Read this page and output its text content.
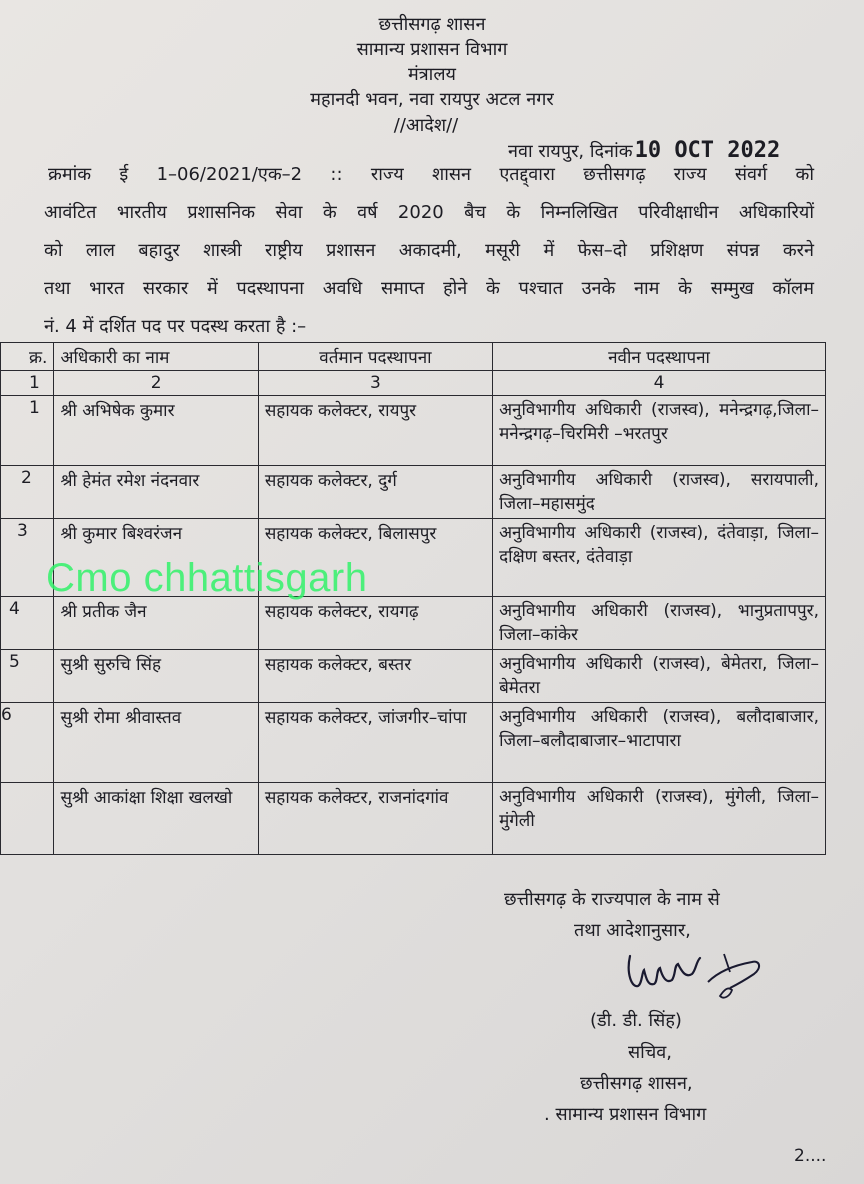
छत्तीसगढ़ शासन
सामान्य प्रशासन विभाग
मंत्रालय
महानदी भवन, नवा रायपुर अटल नगर
//आदेश//
नवा रायपुर, दिनांक10 OCT 2022
क्रमांक ई 1–06/2021/एक–2 :: राज्य शासन एतद्द्वारा छत्तीसगढ़ राज्य संवर्ग को
आवंटित भारतीय प्रशासनिक सेवा के वर्ष 2020 बैच के निम्नलिखित परिवीक्षाधीन अधिकारियों
को लाल बहादुर शास्त्री राष्ट्रीय प्रशासन अकादमी, मसूरी में फेस–दो प्रशिक्षण संपन्न करने
तथा भारत सरकार में पदस्थापना अवधि समाप्त होने के पश्चात उनके नाम के सम्मुख कॉलम
नं. 4 में दर्शित पद पर पदस्थ करता है :–
क्र.	अधिकारी का नाम	वर्तमान पदस्थापना	नवीन पदस्थापना
1	2	3	4
1	श्री अभिषेक कुमार	सहायक कलेक्टर, रायपुर	अनुविभागीय अधिकारी (राजस्व), मनेन्द्रगढ़,जिला–मनेन्द्रगढ़–चिरमिरी –भरतपुर
2	श्री हेमंत रमेश नंदनवार	सहायक कलेक्टर, दुर्ग	अनुविभागीय अधिकारी (राजस्व), सरायपाली, जिला–महासमुंद
3	श्री कुमार बिश्वरंजन	सहायक कलेक्टर, बिलासपुर	अनुविभागीय अधिकारी (राजस्व), दंतेवाड़ा, जिला–दक्षिण बस्तर, दंतेवाड़ा
4	श्री प्रतीक जैन	सहायक कलेक्टर, रायगढ़	अनुविभागीय अधिकारी (राजस्व), भानुप्रतापपुर, जिला–कांकेर
5	सुश्री सुरुचि सिंह	सहायक कलेक्टर, बस्तर	अनुविभागीय अधिकारी (राजस्व), बेमेतरा, जिला–बेमेतरा
6	सुश्री रोमा श्रीवास्तव	सहायक कलेक्टर, जांजगीर–चांपा	अनुविभागीय अधिकारी (राजस्व), बलौदाबाजार, जिला–बलौदाबाजार–भाटापारा
	सुश्री आकांक्षा शिक्षा खलखो	सहायक कलेक्टर, राजनांदगांव	अनुविभागीय अधिकारी (राजस्व), मुंगेली, जिला–मुंगेली
Cmo chhattisgarh
छत्तीसगढ़ के राज्यपाल के नाम से
तथा आदेशानुसार,
(डी. डी. सिंह)
सचिव,
छत्तीसगढ़ शासन,
. सामान्य प्रशासन विभाग
2....
